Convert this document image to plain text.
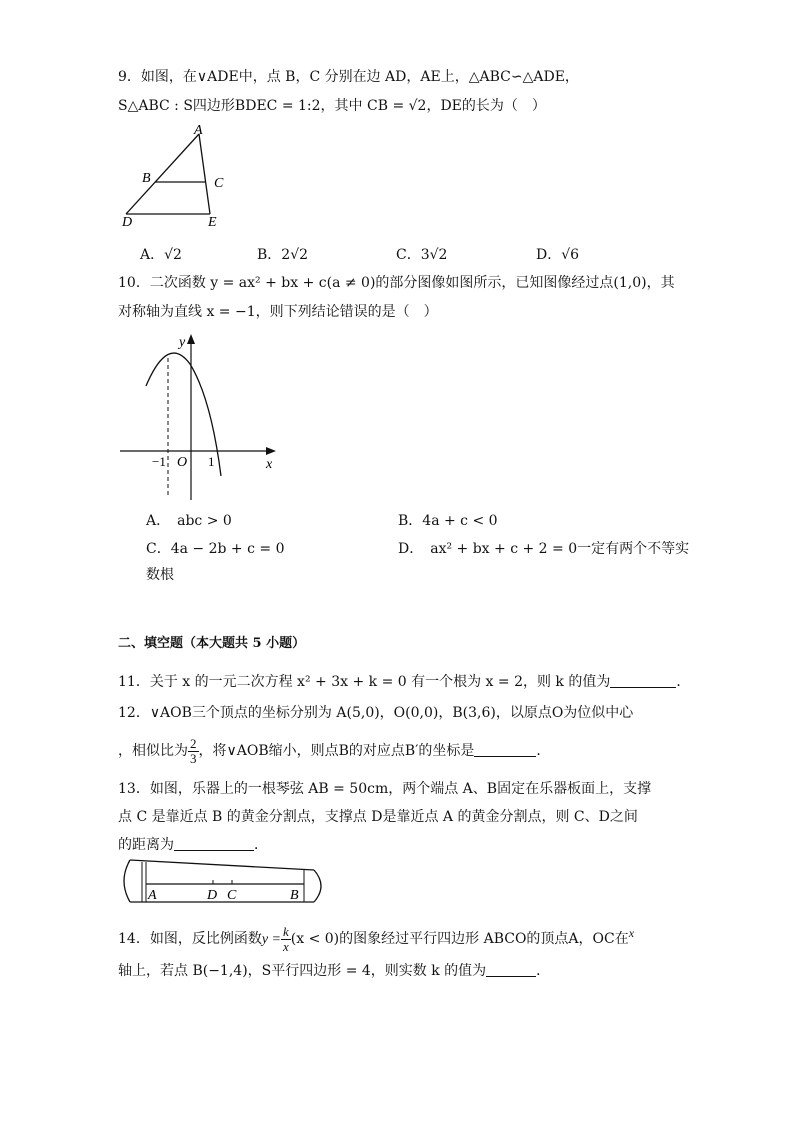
9．如图，在∨ADE中，点 B，C 分别在边 AD，AE上，△ABC∽△ADE，
S△ABC : S四边形BDEC = 1:2，其中 CB = √2，DE的长为（　）
A
B	C
D	E
A．√2	B．2√2	C．3√2	D．√6
10．二次函数 y = ax² + bx + c(a ≠ 0)的部分图像如图所示，已知图像经过点(1,0)，其
对称轴为直线 x = −1，则下列结论错误的是（　）
y
x
O
−1	1
A．　abc > 0	B．4a + c < 0
C．4a − 2b + c = 0	D．　ax² + bx + c + 2 = 0一定有两个不等实
数根
二、填空题（本大题共 5 小题）
11．关于 x 的一元二次方程 x² + 3x + k = 0 有一个根为 x = 2，则 k 的值为	．
12．∨AOB三个顶点的坐标分别为 A(5,0)，O(0,0)，B(3,6)，以原点O为位似中心
，相似比为 $\frac{2}{3}$ ，将∨AOB缩小，则点B的对应点B′的坐标是	．
13．如图，乐器上的一根琴弦 AB = 50cm，两个端点 A、B固定在乐器板面上，支撑
点 C 是靠近点 B 的黄金分割点，支撑点 D是靠近点 A 的黄金分割点，则 C、D之间
的距离为	．
A	D C	B
14．如图，反比例函数$y = \frac{k}{x} (x < 0)$的图象经过平行四边形 ABCO的顶点A，OC在x
轴上，若点 B(−1,4)，S平行四边形 = 4，则实数 k 的值为	．
